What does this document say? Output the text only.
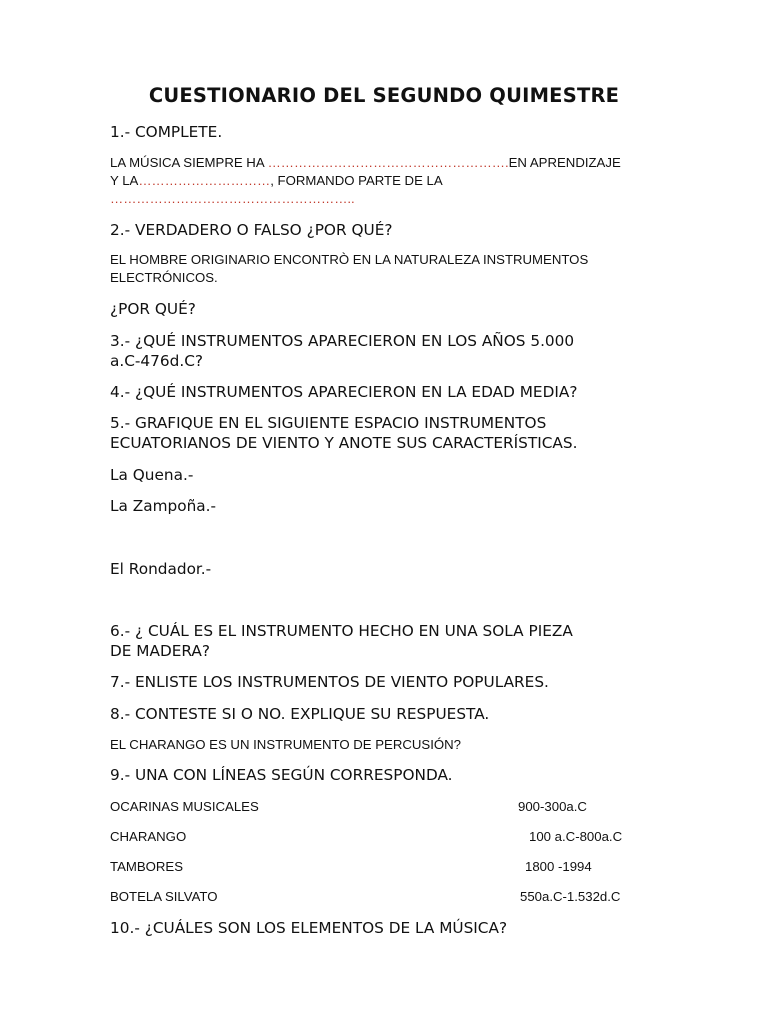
CUESTIONARIO DEL SEGUNDO QUIMESTRE

1.- COMPLETE.

LA MÚSICA SIEMPRE HA ……………………………………………….EN APRENDIZAJE

Y LA…………………………, FORMANDO PARTE DE LA

………………………………………………..

2.- VERDADERO O FALSO ¿POR QUÉ?

EL HOMBRE ORIGINARIO ENCONTRÒ EN LA NATURALEZA INSTRUMENTOS

ELECTRÓNICOS.

¿POR QUÉ?

3.- ¿QUÉ INSTRUMENTOS APARECIERON EN LOS AÑOS 5.000

a.C-476d.C?

4.- ¿QUÉ INSTRUMENTOS APARECIERON EN LA EDAD MEDIA?

5.- GRAFIQUE EN EL SIGUIENTE ESPACIO INSTRUMENTOS

ECUATORIANOS DE VIENTO Y ANOTE SUS CARACTERÍSTICAS.

La Quena.-

La Zampoña.-

El Rondador.-

6.- ¿ CUÁL ES EL INSTRUMENTO HECHO EN UNA SOLA PIEZA

DE MADERA?

7.- ENLISTE LOS INSTRUMENTOS DE VIENTO POPULARES.

8.- CONTESTE SI O NO. EXPLIQUE SU RESPUESTA.

EL CHARANGO ES UN INSTRUMENTO DE PERCUSIÓN?

9.- UNA CON LÍNEAS SEGÚN CORRESPONDA.

OCARINAS MUSICALES	900-300a.C
CHARANGO	100 a.C-800a.C
TAMBORES	1800 -1994
BOTELA SILVATO	550a.C-1.532d.C

10.- ¿CUÁLES SON LOS ELEMENTOS DE LA MÚSICA?
